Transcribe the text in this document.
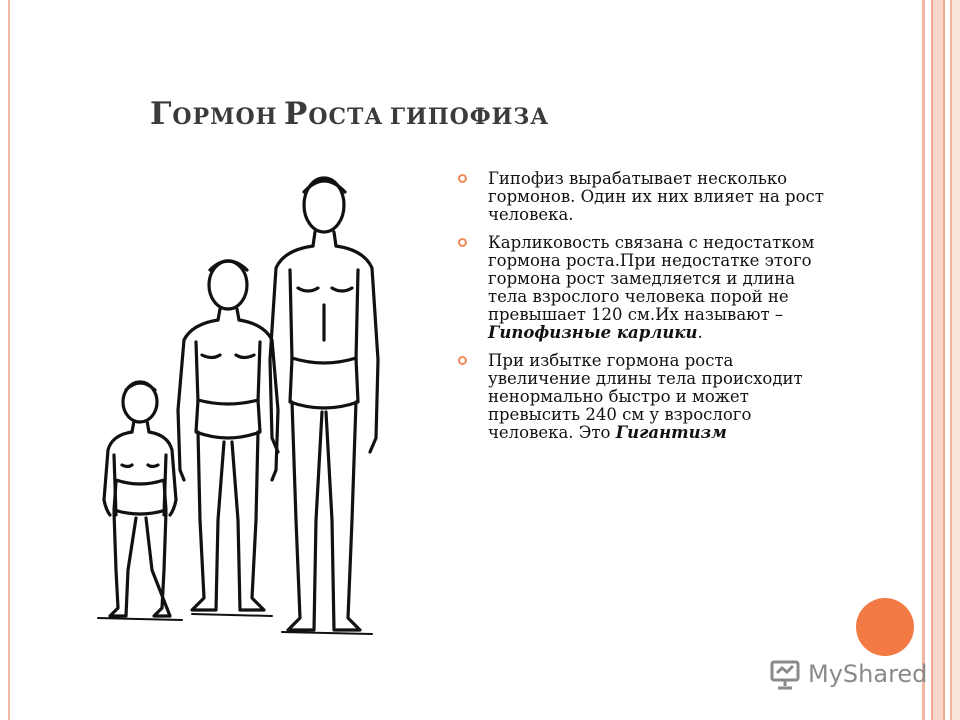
ГОРМОН РОСТА ГИПОФИЗА
Гипофиз вырабатывает несколько гормонов. Один их них влияет на рост человека.
Карликовость связана с недостатком гормона роста.При недостатке этого гормона рост замедляется и длина тела взрослого человека порой не превышает 120 см.Их называют – Гипофизные карлики.
При избытке гормона роста увеличение длины тела происходит ненормально быстро и может превысить 240 см у взрослого человека. Это Гигантизм
MyShared
